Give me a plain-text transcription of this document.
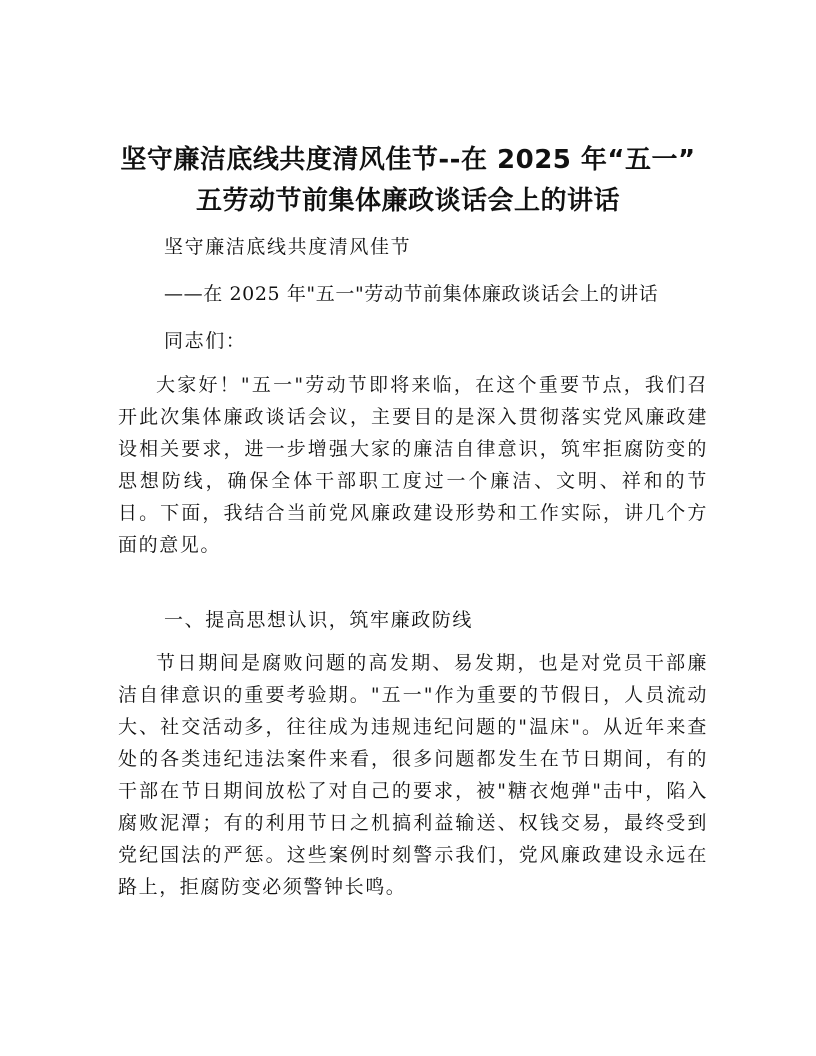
坚守廉洁底线共度清风佳节--在 2025 年“五一”
五劳动节前集体廉政谈话会上的讲话
坚守廉洁底线共度清风佳节
——在 2025 年"五一"劳动节前集体廉政谈话会上的讲话
同志们：

大家好！"五一"劳动节即将来临，在这个重要节点，我们召开此次集体廉政谈话会议，主要目的是深入贯彻落实党风廉政建设相关要求，进一步增强大家的廉洁自律意识，筑牢拒腐防变的思想防线，确保全体干部职工度过一个廉洁、文明、祥和的节日。下面，我结合当前党风廉政建设形势和工作实际，讲几个方面的意见。

一、提高思想认识，筑牢廉政防线

节日期间是腐败问题的高发期、易发期，也是对党员干部廉洁自律意识的重要考验期。"五一"作为重要的节假日，人员流动大、社交活动多，往往成为违规违纪问题的"温床"。从近年来查处的各类违纪违法案件来看，很多问题都发生在节日期间，有的干部在节日期间放松了对自己的要求，被"糖衣炮弹"击中，陷入腐败泥潭；有的利用节日之机搞利益输送、权钱交易，最终受到党纪国法的严惩。这些案例时刻警示我们，党风廉政建设永远在路上，拒腐防变必须警钟长鸣。
